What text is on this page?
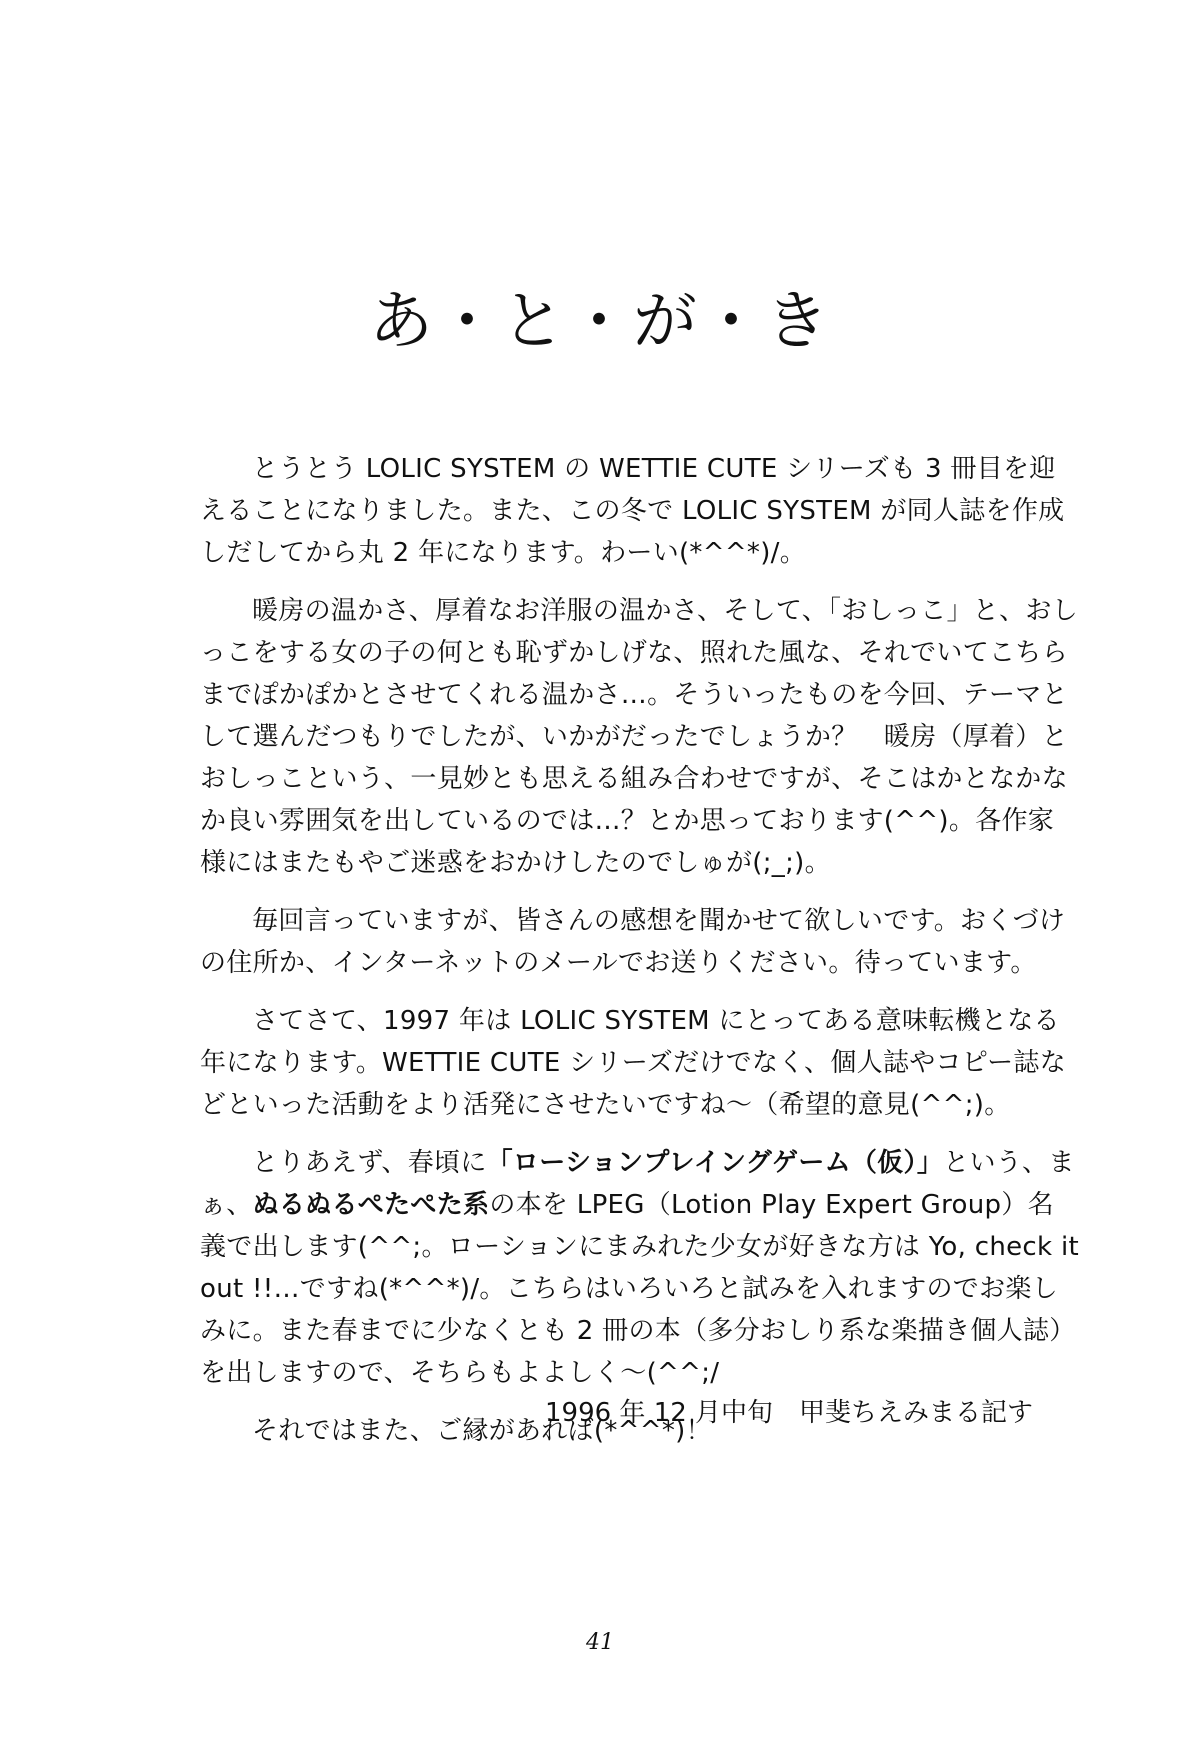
あ・と・が・き

とうとう LOLIC SYSTEM の WETTIE CUTE シリーズも 3 冊目を迎えることになりました。また、この冬で LOLIC SYSTEM が同人誌を作成しだしてから丸 2 年になります。わーい(*^^*)/。

暖房の温かさ、厚着なお洋服の温かさ、そして、「おしっこ」と、おしっこをする女の子の何とも恥ずかしげな、照れた風な、それでいてこちらまでぽかぽかとさせてくれる温かさ…。そういったものを今回、テーマとして選んだつもりでしたが、いかがだったでしょうか？　暖房（厚着）とおしっこという、一見妙とも思える組み合わせですが、そこはかとなかなか良い雰囲気を出しているのでは…？とか思っております(^^)。各作家様にはまたもやご迷惑をおかけしたのでしゅが(;_;)。

毎回言っていますが、皆さんの感想を聞かせて欲しいです。おくづけの住所か、インターネットのメールでお送りください。待っています。

さてさて、1997 年は LOLIC SYSTEM にとってある意味転機となる年になります。WETTIE CUTE シリーズだけでなく、個人誌やコピー誌などといった活動をより活発にさせたいですね～（希望的意見(^^;)。

とりあえず、春頃に「ローションプレイングゲーム（仮）」という、まぁ、ぬるぬるぺたぺた系の本を LPEG（Lotion Play Expert Group）名義で出します(^^;。ローションにまみれた少女が好きな方は Yo, check it out !!…ですね(*^^*)/。こちらはいろいろと試みを入れますのでお楽しみに。また春までに少なくとも 2 冊の本（多分おしり系な楽描き個人誌）を出しますので、そちらもよよしく～(^^;/

それではまた、ご縁があれば(*^^*)！

1996 年 12 月中旬　甲斐ちえみまる記す
41
